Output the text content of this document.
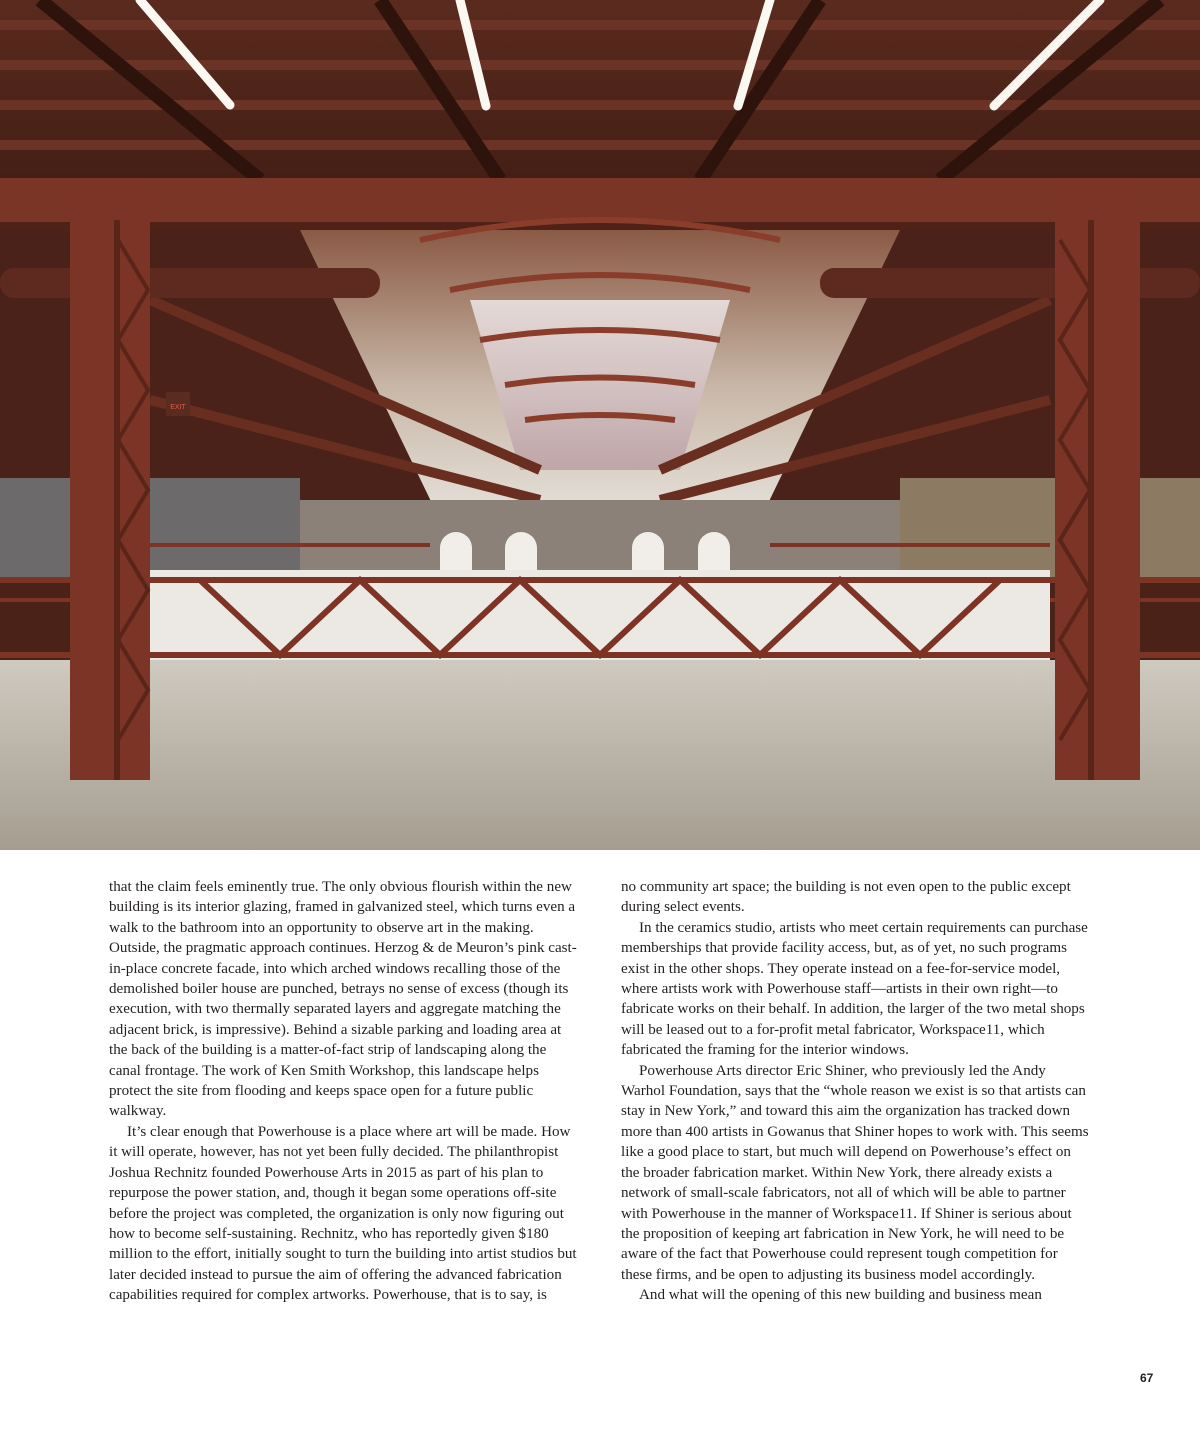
EXIT

that the claim feels eminently true. The only obvious flourish within the new building is its interior glazing, framed in galvanized steel, which turns even a walk to the bathroom into an opportunity to observe art in the making. Outside, the pragmatic approach continues. Herzog & de Meuron’s pink cast-in-place concrete facade, into which arched windows recalling those of the demolished boiler house are punched, betrays no sense of excess (though its execution, with two thermally separated layers and aggregate matching the adjacent brick, is impressive). Behind a sizable parking and loading area at the back of the building is a matter-of-fact strip of landscaping along the canal frontage. The work of Ken Smith Workshop, this landscape helps protect the site from flooding and keeps space open for a future public walkway.

It’s clear enough that Powerhouse is a place where art will be made. How it will operate, however, has not yet been fully decided. The philanthropist Joshua Rechnitz founded Powerhouse Arts in 2015 as part of his plan to repurpose the power station, and, though it began some operations off-site before the project was completed, the organization is only now figuring out how to become self-sustaining. Rechnitz, who has reportedly given $180 million to the effort, initially sought to turn the building into artist studios but later decided instead to pursue the aim of offering the advanced fabrication capabilities required for complex artworks. Powerhouse, that is to say, is

no community art space; the building is not even open to the public except during select events.

In the ceramics studio, artists who meet certain requirements can purchase memberships that provide facility access, but, as of yet, no such programs exist in the other shops. They operate instead on a fee-for-service model, where artists work with Powerhouse staff—artists in their own right—to fabricate works on their behalf. In addition, the larger of the two metal shops will be leased out to a for-profit metal fabricator, Workspace11, which fabricated the framing for the interior windows.

Powerhouse Arts director Eric Shiner, who previously led the Andy Warhol Foundation, says that the “whole reason we exist is so that artists can stay in New York,” and toward this aim the organization has tracked down more than 400 artists in Gowanus that Shiner hopes to work with. This seems like a good place to start, but much will depend on Powerhouse’s effect on the broader fabrication market. Within New York, there already exists a network of small-scale fabricators, not all of which will be able to partner with Powerhouse in the manner of Workspace11. If Shiner is serious about the proposition of keeping art fabrication in New York, he will need to be aware of the fact that Powerhouse could represent tough competition for these firms, and be open to adjusting its business model accordingly.

And what will the opening of this new building and business mean

67
